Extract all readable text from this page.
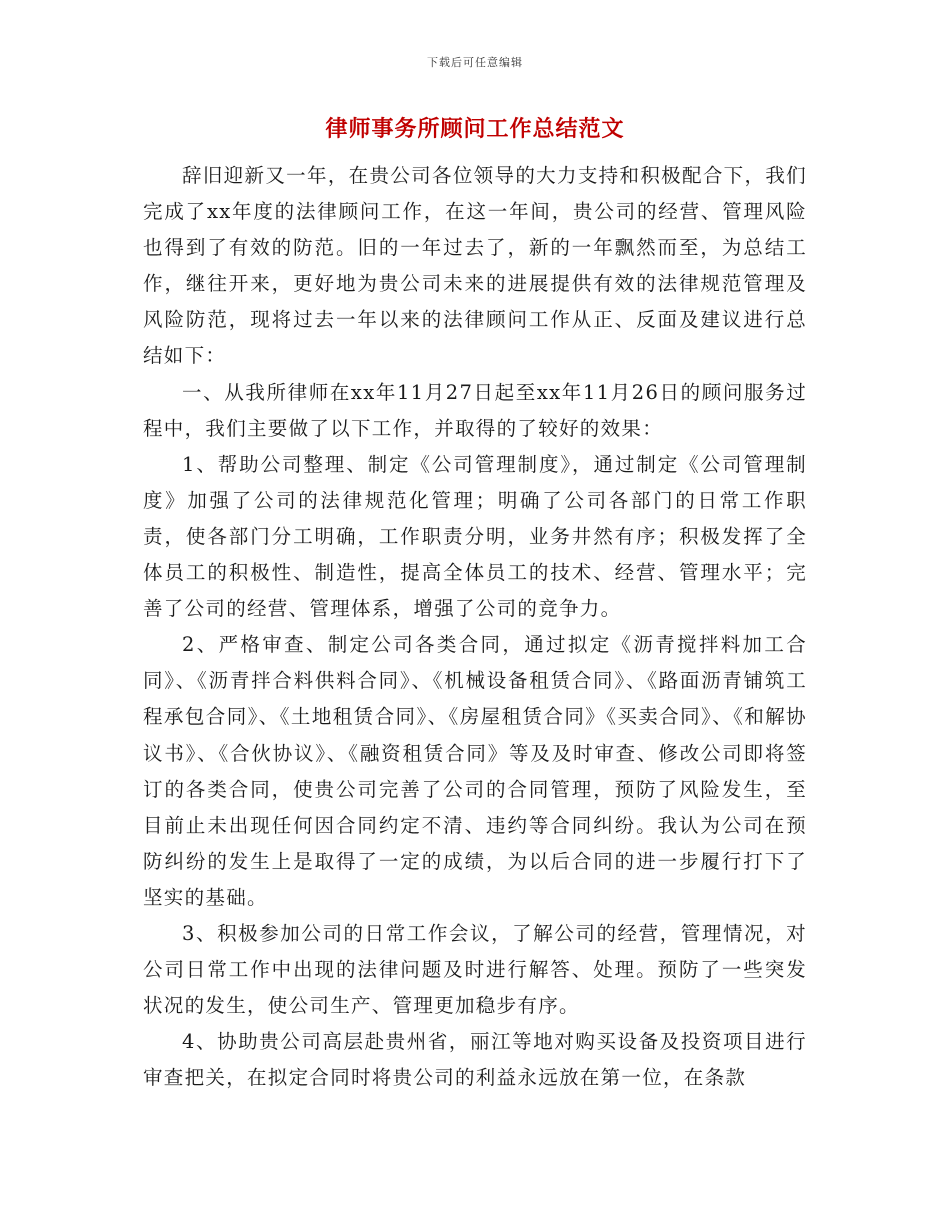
下载后可任意编辑
律师事务所顾问工作总结范文

辞旧迎新又一年，在贵公司各位领导的大力支持和积极配合下，我们完成了xx年度的法律顾问工作，在这一年间，贵公司的经营、管理风险也得到了有效的防范。旧的一年过去了，新的一年飘然而至，为总结工作，继往开来，更好地为贵公司未来的进展提供有效的法律规范管理及风险防范，现将过去一年以来的法律顾问工作从正、反面及建议进行总结如下：

一、从我所律师在xx年11月27日起至xx年11月26日的顾问服务过程中，我们主要做了以下工作，并取得的了较好的效果：

1、帮助公司整理、制定《公司管理制度》，通过制定《公司管理制度》加强了公司的法律规范化管理；明确了公司各部门的日常工作职责，使各部门分工明确，工作职责分明，业务井然有序；积极发挥了全体员工的积极性、制造性，提高全体员工的技术、经营、管理水平；完善了公司的经营、管理体系，增强了公司的竞争力。

2、严格审查、制定公司各类合同，通过拟定《沥青搅拌料加工合同》、《沥青拌合料供料合同》、《机械设备租赁合同》、《路面沥青铺筑工程承包合同》、《土地租赁合同》、《房屋租赁合同》《买卖合同》、《和解协议书》、《合伙协议》、《融资租赁合同》等及及时审查、修改公司即将签订的各类合同，使贵公司完善了公司的合同管理，预防了风险发生，至目前止未出现任何因合同约定不清、违约等合同纠纷。我认为公司在预防纠纷的发生上是取得了一定的成绩，为以后合同的进一步履行打下了坚实的基础。

3、积极参加公司的日常工作会议，了解公司的经营，管理情况，对公司日常工作中出现的法律问题及时进行解答、处理。预防了一些突发状况的发生，使公司生产、管理更加稳步有序。

4、协助贵公司高层赴贵州省，丽江等地对购买设备及投资项目进行审查把关，在拟定合同时将贵公司的利益永远放在第一位，在条款
